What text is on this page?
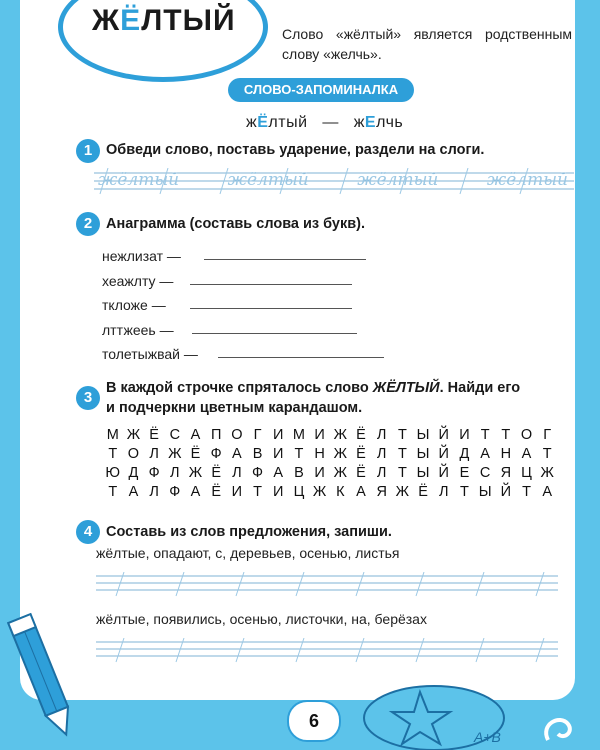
ЖЁЛТЫЙ	Слово «жёлтый» является родственным слову «желчь».
СЛОВО-ЗАПОМИНАЛКА
жЁлтый — жЕлчь
1 Обведи слово, поставь ударение, раздели на слоги.
жёлтый	жёлтый	жёлтый	жёлтый
2 Анаграмма (составь слова из букв).
нежлизат —
хеажлту —
ткложе —
лттжееь —
толетыжвай —
3
В каждой строчке спряталось слово ЖЁЛТЫЙ. Найди его
и подчеркни цветным карандашом.
М Ж Ё С А П О Г И М И Ж Ё Л Т Ы Й И Т Т О Г
Т О Л Ж Ё Ф А В И Т Н Ж Ё Л Т Ы Й Д А Н А Т
Ю Д Ф Л Ж Ё Л Ф А В И Ж Ё Л Т Ы Й Е С Я Ц Ж
Т А Л Ф А Ё И Т И Ц Ж К А Я Ж Ё Л Т Ы Й Т А
4 Составь из слов предложения, запиши.
жёлтые, опадают, с, деревьев, осенью, листья
жёлтые, появились, осенью, листочки, на, берёзах
6
A+B
